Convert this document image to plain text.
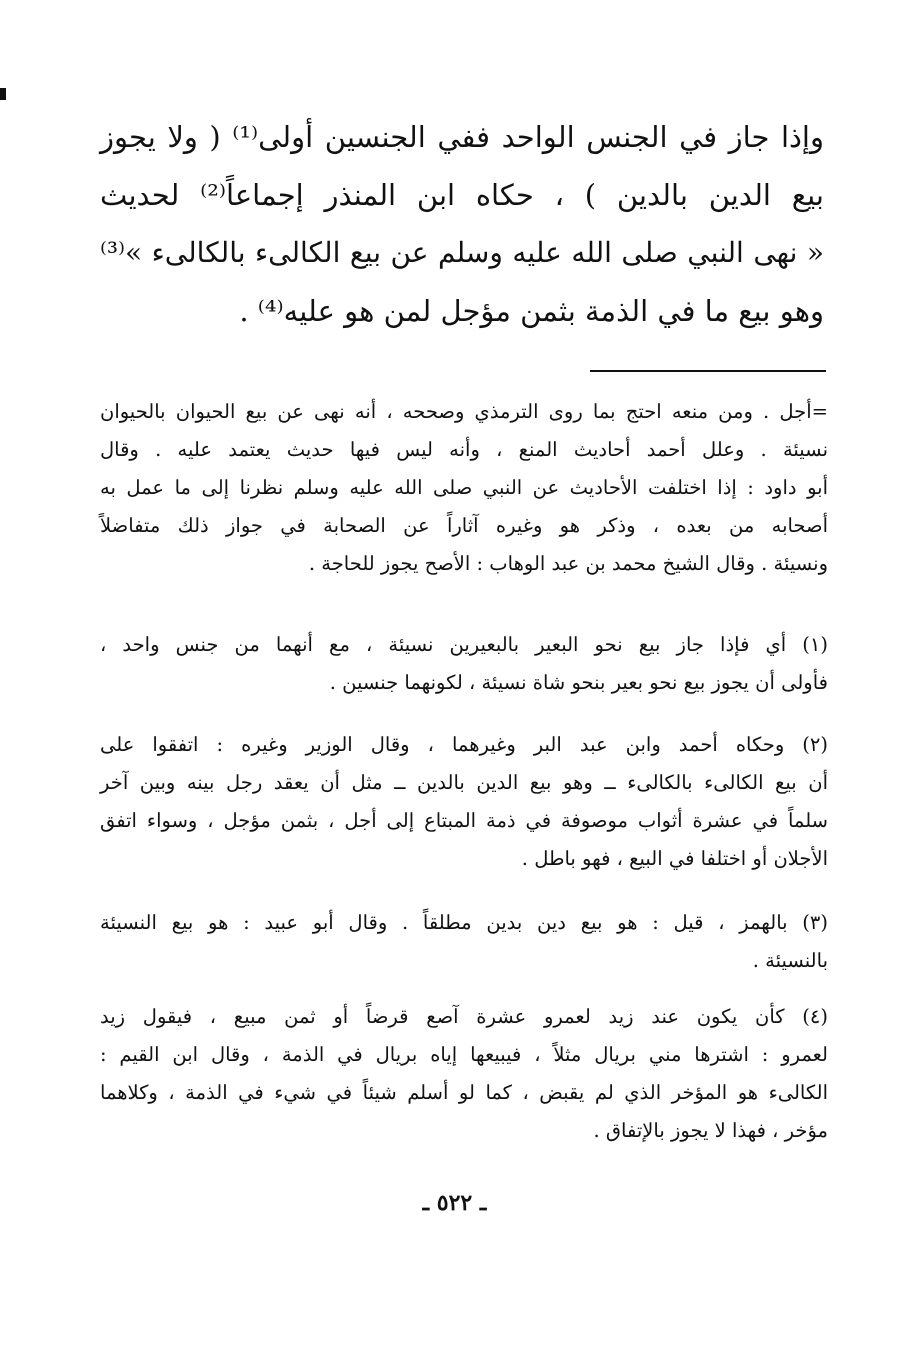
وإذا جاز في الجنس الواحد ففي الجنسين أولى⁽¹⁾ ( ولا يجوز
بيع الدين بالدين ) ، حكاه ابن المنذر إجماعاً⁽²⁾ لحديث
« نهى النبي صلى الله عليه وسلم عن بيع الكالىء بالكالىء »⁽³⁾
وهو بيع ما في الذمة بثمن مؤجل لمن هو عليه⁽⁴⁾ .
=أجل . ومن منعه احتج بما روى الترمذي وصححه ، أنه نهى عن بيع الحيوان بالحيوان
نسيئة . وعلل أحمد أحاديث المنع ، وأنه ليس فيها حديث يعتمد عليه . وقال
أبو داود : إذا اختلفت الأحاديث عن النبي صلى الله عليه وسلم نظرنا إلى ما عمل به
أصحابه من بعده ، وذكر هو وغيره آثاراً عن الصحابة في جواز ذلك متفاضلاً
ونسيئة . وقال الشيخ محمد بن عبد الوهاب : الأصح يجوز للحاجة .
(١) أي فإذا جاز بيع نحو البعير بالبعيرين نسيئة ، مع أنهما من جنس واحد ،
فأولى أن يجوز بيع نحو بعير بنحو شاة نسيئة ، لكونهما جنسين .
(٢) وحكاه أحمد وابن عبد البر وغيرهما ، وقال الوزير وغيره : اتفقوا على
أن بيع الكالىء بالكالىء ــ وهو بيع الدين بالدين ــ مثل أن يعقد رجل بينه وبين آخر
سلماً في عشرة أثواب موصوفة في ذمة المبتاع إلى أجل ، بثمن مؤجل ، وسواء اتفق
الأجلان أو اختلفا في البيع ، فهو باطل .
(٣) بالهمز ، قيل : هو بيع دين بدين مطلقاً . وقال أبو عبيد : هو بيع النسيئة
بالنسيئة .
(٤) كأن يكون عند زيد لعمرو عشرة آصع قرضاً أو ثمن مبيع ، فيقول زيد
لعمرو : اشترها مني بريال مثلاً ، فيبيعها إياه بريال في الذمة ، وقال ابن القيم :
الكالىء هو المؤخر الذي لم يقبض ، كما لو أسلم شيئاً في شيء في الذمة ، وكلاهما
مؤخر ، فهذا لا يجوز بالإتفاق .
ـ ٥٢٢ ـ
